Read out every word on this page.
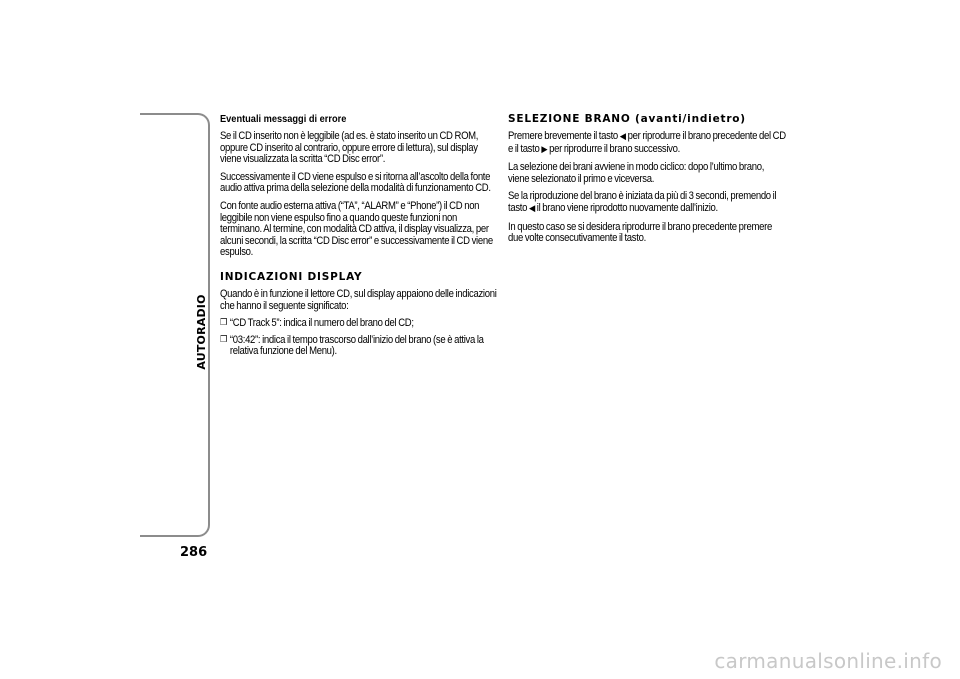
AUTORADIO
286
Eventuali messaggi di errore

Se il CD inserito non è leggibile (ad es. è stato inserito un CD ROM, oppure CD inserito al contrario, oppure errore di lettura), sul display viene visualizzata la scritta “CD Disc error”.

Successivamente il CD viene espulso e si ritorna all’ascolto della fonte audio attiva prima della selezione della modalità di funzionamento CD.

Con fonte audio esterna attiva (“TA”, “ALARM” e “Phone”) il CD non leggibile non viene espulso fino a quando queste funzioni non terminano. Al termine, con modalità CD attiva, il display visualizza, per alcuni secondi, la scritta “CD Disc error” e successivamente il CD viene espulso.

INDICAZIONI DISPLAY

Quando è in funzione il lettore CD, sul display appaiono delle indicazioni che hanno il seguente significato:

❒ “CD Track 5”: indica il numero del brano del CD;
❒ “03:42”: indica il tempo trascorso dall’inizio del brano (se è attiva la relativa funzione del Menu).
SELEZIONE BRANO (avanti/indietro)

Premere brevemente il tasto ◀ per riprodurre il brano precedente del CD e il tasto ▶ per riprodurre il brano successivo.

La selezione dei brani avviene in modo ciclico: dopo l’ultimo brano, viene selezionato il primo e viceversa.

Se la riproduzione del brano è iniziata da più di 3 secondi, premendo il tasto ◀ il brano viene riprodotto nuovamente dall’inizio.

In questo caso se si desidera riprodurre il brano precedente premere due volte consecutivamente il tasto.

carmanualsonline.info
